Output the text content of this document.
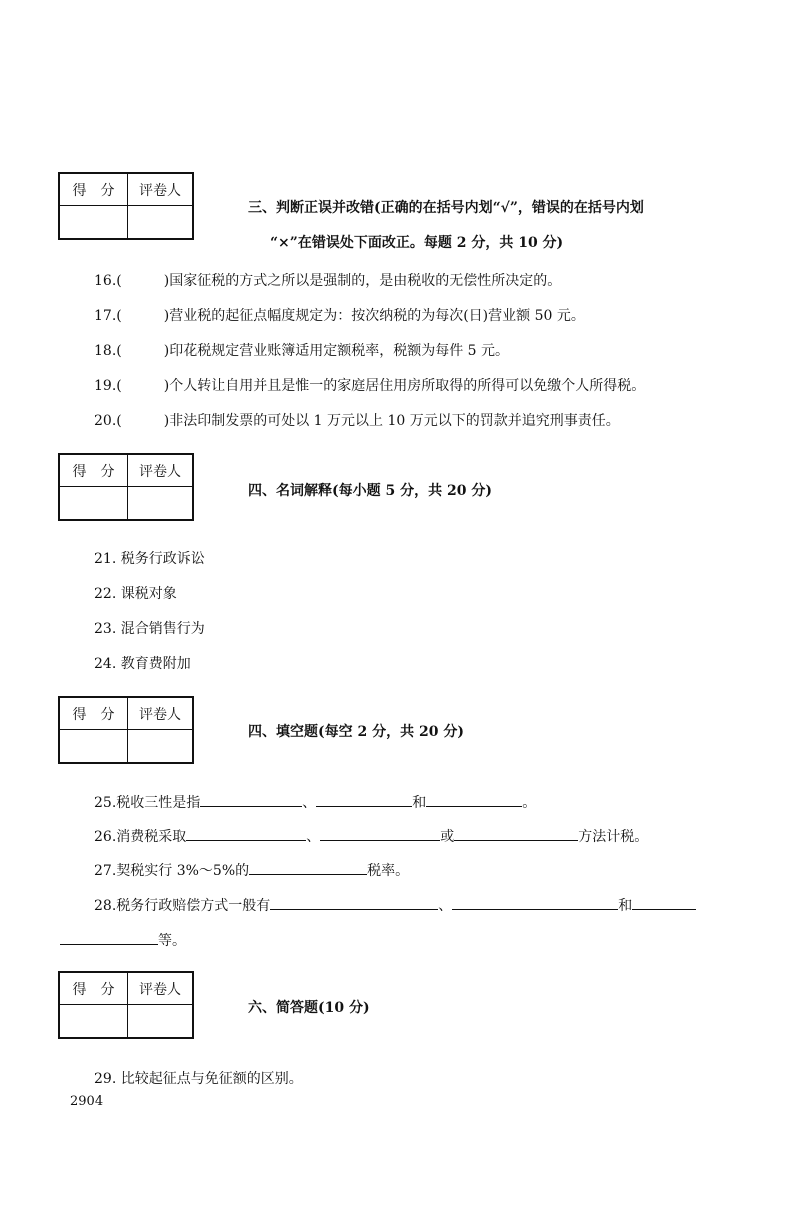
得　分	评卷人
三、判断正误并改错(正确的在括号内划“√”，错误的在括号内划
“×”在错误处下面改正。每题 2 分，共 10 分)
16.(	)国家征税的方式之所以是强制的，是由税收的无偿性所决定的。
17.(	)营业税的起征点幅度规定为：按次纳税的为每次(日)营业额 50 元。
18.(	)印花税规定营业账簿适用定额税率，税额为每件 5 元。
19.(	)个人转让自用并且是惟一的家庭居住用房所取得的所得可以免缴个人所得税。
20.(	)非法印制发票的可处以 1 万元以上 10 万元以下的罚款并追究刑事责任。
得　分	评卷人
四、名词解释(每小题 5 分，共 20 分)
21. 税务行政诉讼
22. 课税对象
23. 混合销售行为
24. 教育费附加
得　分	评卷人
四、填空题(每空 2 分，共 20 分)
25.税收三性是指	、	和	。
26.消费税采取	、	或	方法计税。
27.契税实行 3%～5%的	税率。
28.税务行政赔偿方式一般有	、	和
等。
得　分	评卷人
六、简答题(10 分)
29. 比较起征点与免征额的区别。
2904
